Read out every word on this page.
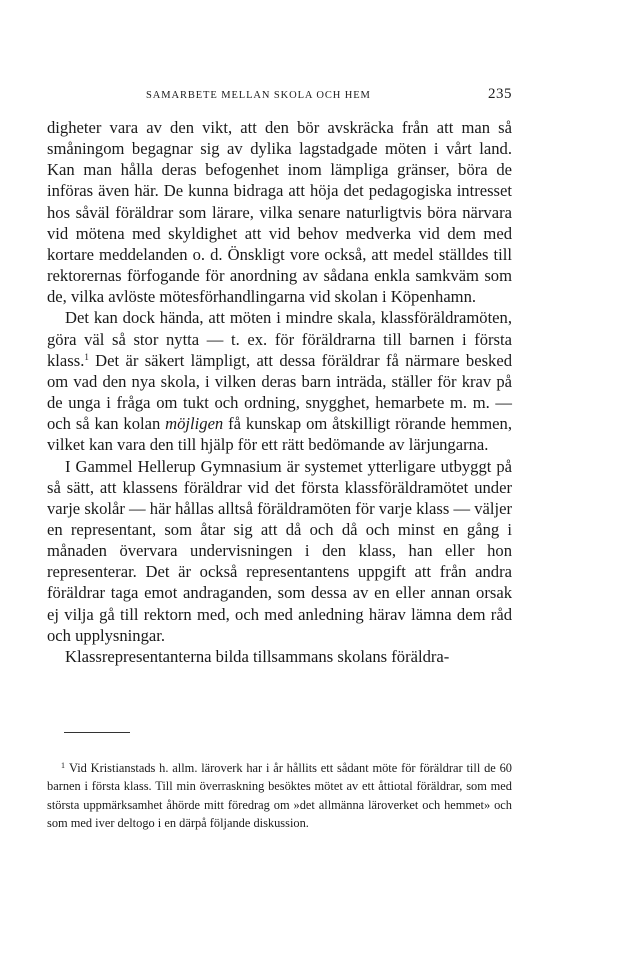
SAMARBETE MELLAN SKOLA OCH HEM	235

digheter vara av den vikt, att den bör avskräcka från att man så småningom begagnar sig av dylika lagstadgade möten i vårt land. Kan man hålla deras befogenhet inom lämpliga gränser, böra de införas även här. De kunna bidraga att höja det pedagogiska intresset hos såväl föräldrar som lärare, vilka senare naturligtvis böra närvara vid mötena med skyldighet att vid behov medverka vid dem med kortare meddelanden o. d. Önskligt vore också, att medel ställdes till rektorernas förfogande för anordning av sådana enkla samkväm som de, vilka avlöste mötesförhandlingarna vid skolan i Köpenhamn.

Det kan dock hända, att möten i mindre skala, klassföräldramöten, göra väl så stor nytta — t. ex. för föräldrarna till barnen i första klass.$^1$ Det är säkert lämpligt, att dessa föräldrar få närmare besked om vad den nya skola, i vilken deras barn inträda, ställer för krav på de unga i fråga om tukt och ordning, snygghet, hemarbete m. m. — och så kan kolan möjligen få kunskap om åtskilligt rörande hemmen, vilket kan vara den till hjälp för ett rätt bedömande av lärjungarna.

I Gammel Hellerup Gymnasium är systemet ytterligare utbyggt på så sätt, att klassens föräldrar vid det första klassföräldramötet under varje skolår — här hållas alltså föräldramöten för varje klass — väljer en representant, som åtar sig att då och då och minst en gång i månaden övervara undervisningen i den klass, han eller hon representerar. Det är också representantens uppgift att från andra föräldrar taga emot andraganden, som dessa av en eller annan orsak ej vilja gå till rektorn med, och med anledning härav lämna dem råd och upplysningar.

Klassrepresentanterna bilda tillsammans skolans föräldra-

$^1$ Vid Kristianstads h. allm. läroverk har i år hållits ett sådant möte för föräldrar till de 60 barnen i första klass. Till min överraskning besöktes mötet av ett åttiotal föräldrar, som med största uppmärksamhet åhörde mitt föredrag om »det allmänna läroverket och hemmet» och som med iver deltogo i en därpå följande diskussion.
